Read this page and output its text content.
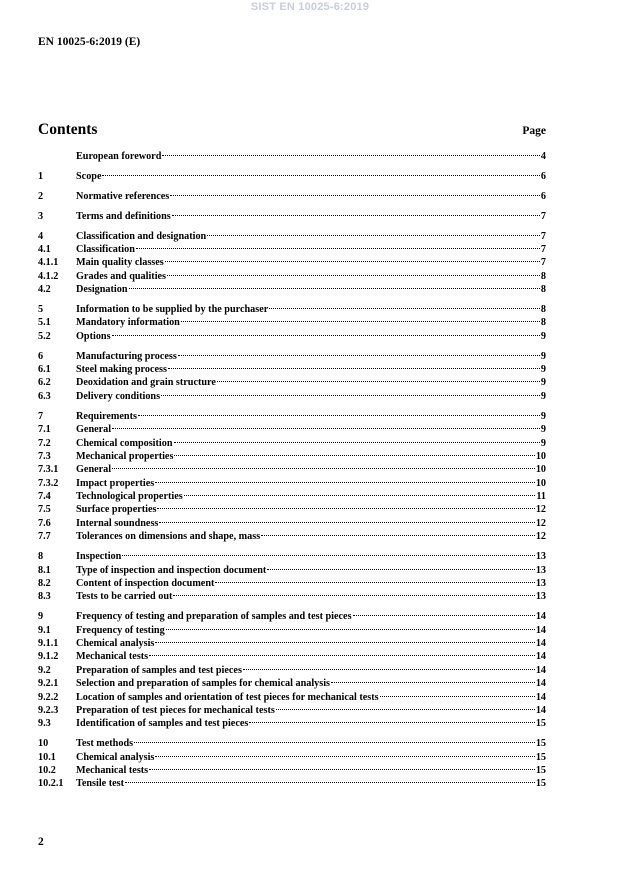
SIST EN 10025-6:2019
EN 10025-6:2019 (E)
Contents	Page
European foreword	4
1	Scope	6
2	Normative references	6
3	Terms and definitions	7
4	Classification and designation	7
4.1	Classification	7
4.1.1	Main quality classes	7
4.1.2	Grades and qualities	8
4.2	Designation	8
5	Information to be supplied by the purchaser	8
5.1	Mandatory information	8
5.2	Options	9
6	Manufacturing process	9
6.1	Steel making process	9
6.2	Deoxidation and grain structure	9
6.3	Delivery conditions	9
7	Requirements	9
7.1	General	9
7.2	Chemical composition	9
7.3	Mechanical properties	10
7.3.1	General	10
7.3.2	Impact properties	10
7.4	Technological properties	11
7.5	Surface properties	12
7.6	Internal soundness	12
7.7	Tolerances on dimensions and shape, mass	12
8	Inspection	13
8.1	Type of inspection and inspection document	13
8.2	Content of inspection document	13
8.3	Tests to be carried out	13
9	Frequency of testing and preparation of samples and test pieces	14
9.1	Frequency of testing	14
9.1.1	Chemical analysis	14
9.1.2	Mechanical tests	14
9.2	Preparation of samples and test pieces	14
9.2.1	Selection and preparation of samples for chemical analysis	14
9.2.2	Location of samples and orientation of test pieces for mechanical tests	14
9.2.3	Preparation of test pieces for mechanical tests	14
9.3	Identification of samples and test pieces	15
10	Test methods	15
10.1	Chemical analysis	15
10.2	Mechanical tests	15
10.2.1	Tensile test	15
2
